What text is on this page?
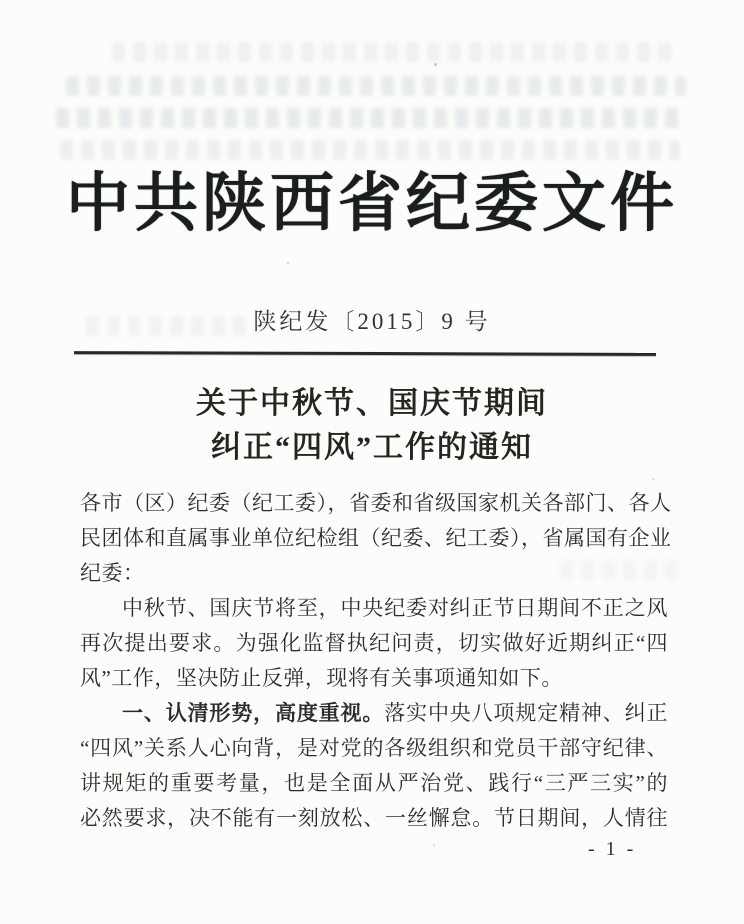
中共陕西省纪委文件
陕纪发〔2015〕9 号
关于中秋节、国庆节期间
纠正“四风”工作的通知
各市（区）纪委（纪工委），省委和省级国家机关各部门、各人
民团体和直属事业单位纪检组（纪委、纪工委），省属国有企业
纪委：
中秋节、国庆节将至，中央纪委对纠正节日期间不正之风
再次提出要求。为强化监督执纪问责，切实做好近期纠正“四
风”工作，坚决防止反弹，现将有关事项通知如下。
一、认清形势，高度重视。落实中央八项规定精神、纠正
“四风”关系人心向背，是对党的各级组织和党员干部守纪律、
讲规矩的重要考量，也是全面从严治党、践行“三严三实”的
必然要求，决不能有一刻放松、一丝懈怠。节日期间，人情往
- 1 -
